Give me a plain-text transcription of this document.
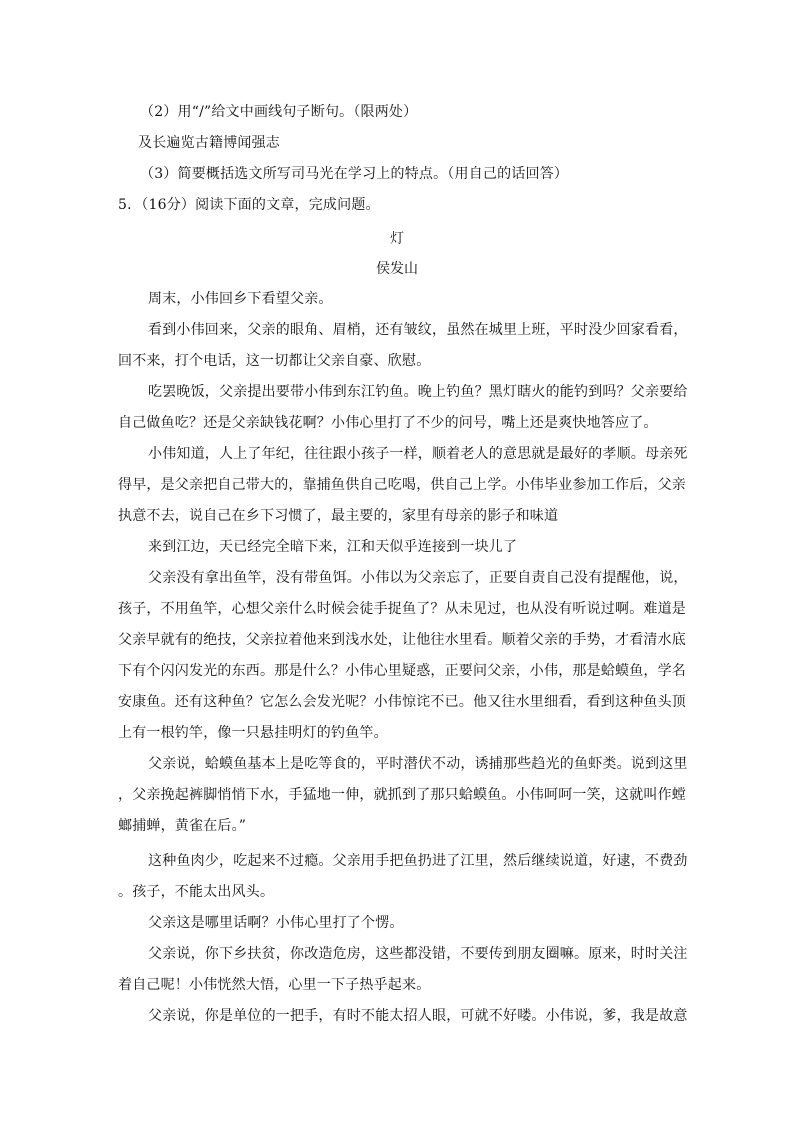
（2）用“/”给文中画线句子断句。（限两处）
及长遍览古籍博闻强志
（3）简要概括选文所写司马光在学习上的特点。（用自己的话回答）
5．（16分）阅读下面的文章，完成问题。
灯
侯发山
周末，小伟回乡下看望父亲。
看到小伟回来，父亲的眼角、眉梢，还有皱纹，虽然在城里上班，平时没少回家看看，
回不来，打个电话，这一切都让父亲自豪、欣慰。
吃罢晚饭，父亲提出要带小伟到东江钓鱼。晚上钓鱼？黑灯瞎火的能钓到吗？父亲要给
自己做鱼吃？还是父亲缺钱花啊？小伟心里打了不少的问号，嘴上还是爽快地答应了。
小伟知道，人上了年纪，往往跟小孩子一样，顺着老人的意思就是最好的孝顺。母亲死
得早，是父亲把自己带大的，靠捕鱼供自己吃喝，供自己上学。小伟毕业参加工作后，父亲
执意不去，说自己在乡下习惯了，最主要的，家里有母亲的影子和味道
来到江边，天已经完全暗下来，江和天似乎连接到一块儿了
父亲没有拿出鱼竿，没有带鱼饵。小伟以为父亲忘了，正要自责自己没有提醒他，说，
孩子，不用鱼竿，心想父亲什么时候会徒手捉鱼了？从未见过，也从没有听说过啊。难道是
父亲早就有的绝技，父亲拉着他来到浅水处，让他往水里看。顺着父亲的手势，才看清水底
下有个闪闪发光的东西。那是什么？小伟心里疑惑，正要问父亲，小伟，那是蛤蟆鱼，学名
安康鱼。还有这种鱼？它怎么会发光呢？小伟惊诧不已。他又往水里细看，看到这种鱼头顶
上有一根钓竿，像一只悬挂明灯的钓鱼竿。
父亲说，蛤蟆鱼基本上是吃等食的，平时潜伏不动，诱捕那些趋光的鱼虾类。说到这里
，父亲挽起裤脚悄悄下水，手猛地一伸，就抓到了那只蛤蟆鱼。小伟呵呵一笑，这就叫作螳
螂捕蝉，黄雀在后。”
这种鱼肉少，吃起来不过瘾。父亲用手把鱼扔进了江里，然后继续说道，好逮，不费劲
。孩子，不能太出风头。
父亲这是哪里话啊？小伟心里打了个愣。
父亲说，你下乡扶贫，你改造危房，这些都没错，不要传到朋友圈嘛。原来，时时关注
着自己呢！小伟恍然大悟，心里一下子热乎起来。
父亲说，你是单位的一把手，有时不能太招人眼，可就不好喽。小伟说，爹，我是故意
